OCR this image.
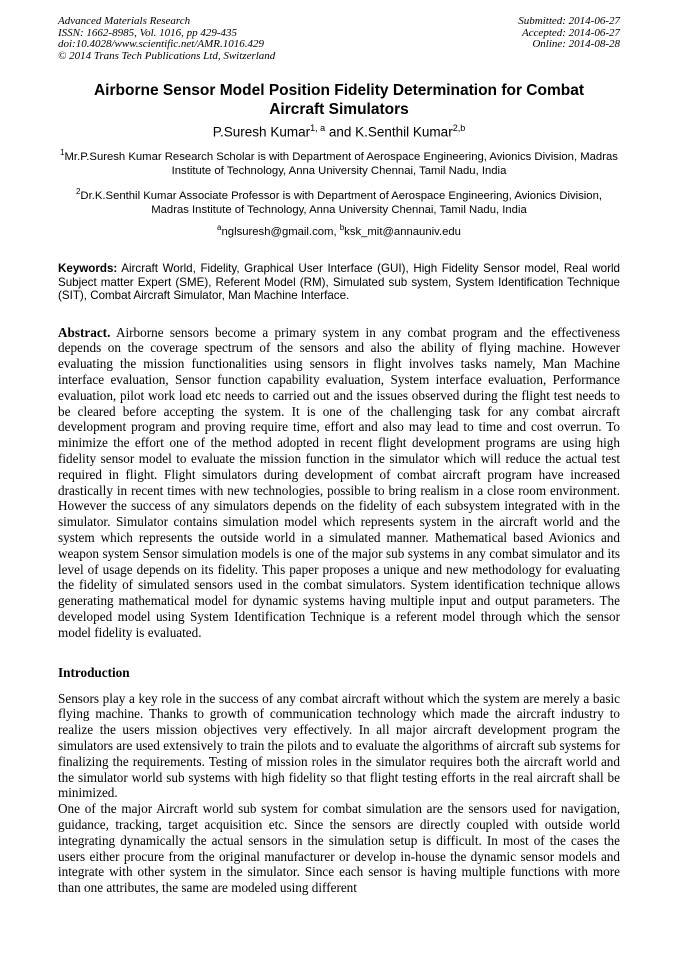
Advanced Materials Research
ISSN: 1662-8985, Vol. 1016, pp 429-435
doi:10.4028/www.scientific.net/AMR.1016.429
© 2014 Trans Tech Publications Ltd, Switzerland
Submitted: 2014-06-27
Accepted: 2014-06-27
Online: 2014-08-28
Airborne Sensor Model Position Fidelity Determination for Combat Aircraft Simulators
P.Suresh Kumar$^{1, a}$ and K.Senthil Kumar$^{2,b}$
$^1$Mr.P.Suresh Kumar Research Scholar is with Department of Aerospace Engineering, Avionics Division, Madras Institute of Technology, Anna University Chennai, Tamil Nadu, India
$^2$Dr.K.Senthil Kumar Associate Professor is with Department of Aerospace Engineering, Avionics Division, Madras Institute of Technology, Anna University Chennai, Tamil Nadu, India
$^a$nglsuresh@gmail.com, $^b$ksk_mit@annauniv.edu

Keywords: Aircraft World, Fidelity, Graphical User Interface (GUI), High Fidelity Sensor model, Real world Subject matter Expert (SME), Referent Model (RM), Simulated sub system, System Identification Technique (SIT), Combat Aircraft Simulator, Man Machine Interface.

Abstract. Airborne sensors become a primary system in any combat program and the effectiveness depends on the coverage spectrum of the sensors and also the ability of flying machine. However evaluating the mission functionalities using sensors in flight involves tasks namely, Man Machine interface evaluation, Sensor function capability evaluation, System interface evaluation, Performance evaluation, pilot work load etc needs to carried out and the issues observed during the flight test needs to be cleared before accepting the system. It is one of the challenging task for any combat aircraft development program and proving require time, effort and also may lead to time and cost overrun. To minimize the effort one of the method adopted in recent flight development programs are using high fidelity sensor model to evaluate the mission function in the simulator which will reduce the actual test required in flight. Flight simulators during development of combat aircraft program have increased drastically in recent times with new technologies, possible to bring realism in a close room environment. However the success of any simulators depends on the fidelity of each subsystem integrated with in the simulator. Simulator contains simulation model which represents system in the aircraft world and the system which represents the outside world in a simulated manner. Mathematical based Avionics and weapon system Sensor simulation models is one of the major sub systems in any combat simulator and its level of usage depends on its fidelity. This paper proposes a unique and new methodology for evaluating the fidelity of simulated sensors used in the combat simulators. System identification technique allows generating mathematical model for dynamic systems having multiple input and output parameters. The developed model using System Identification Technique is a referent model through which the sensor model fidelity is evaluated.

Introduction

Sensors play a key role in the success of any combat aircraft without which the system are merely a basic flying machine. Thanks to growth of communication technology which made the aircraft industry to realize the users mission objectives very effectively. In all major aircraft development program the simulators are used extensively to train the pilots and to evaluate the algorithms of aircraft sub systems for finalizing the requirements. Testing of mission roles in the simulator requires both the aircraft world and the simulator world sub systems with high fidelity so that flight testing efforts in the real aircraft shall be minimized.

One of the major Aircraft world sub system for combat simulation are the sensors used for navigation, guidance, tracking, target acquisition etc. Since the sensors are directly coupled with outside world integrating dynamically the actual sensors in the simulation setup is difficult. In most of the cases the users either procure from the original manufacturer or develop in-house the dynamic sensor models and integrate with other system in the simulator. Since each sensor is having multiple functions with more than one attributes, the same are modeled using different
